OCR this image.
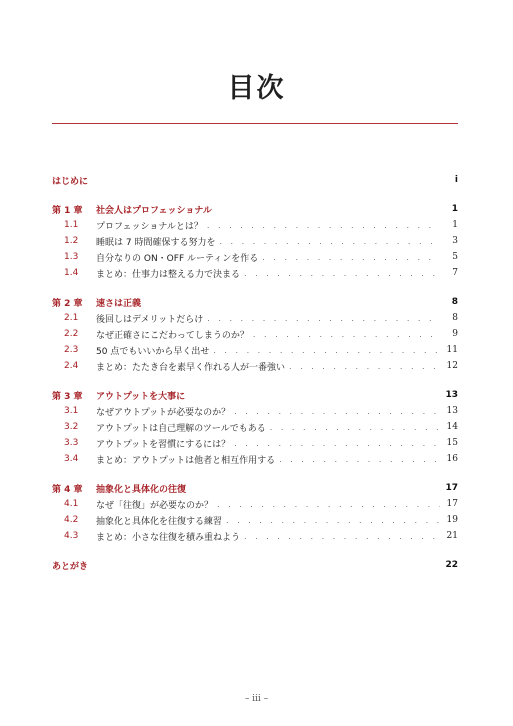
目次
はじめに	i
第 1 章	社会人はプロフェッショナル	1
1.1	プロフェッショナルとは？ . . .	1
1.2	睡眠は 7 時間確保する努力を . . .	3
1.3	自分なりの ON・OFF ルーティンを作る . . .	5
1.4	まとめ：仕事力は整える力で決まる . . .	7
第 2 章	速さは正義	8
2.1	後回しはデメリットだらけ . . .	8
2.2	なぜ正確さにこだわってしまうのか？ . . .	9
2.3	50 点でもいいから早く出せ . . .	11
2.4	まとめ：たたき台を素早く作れる人が一番強い . . .	12
第 3 章	アウトプットを大事に	13
3.1	なぜアウトプットが必要なのか？ . . .	13
3.2	アウトプットは自己理解のツールでもある . . .	14
3.3	アウトプットを習慣にするには？ . . .	15
3.4	まとめ：アウトプットは他者と相互作用する . . .	16
第 4 章	抽象化と具体化の往復	17
4.1	なぜ「往復」が必要なのか？ . . .	17
4.2	抽象化と具体化を往復する練習 . . .	19
4.3	まとめ：小さな往復を積み重ねよう . . .	21
あとがき	22
– iii –
